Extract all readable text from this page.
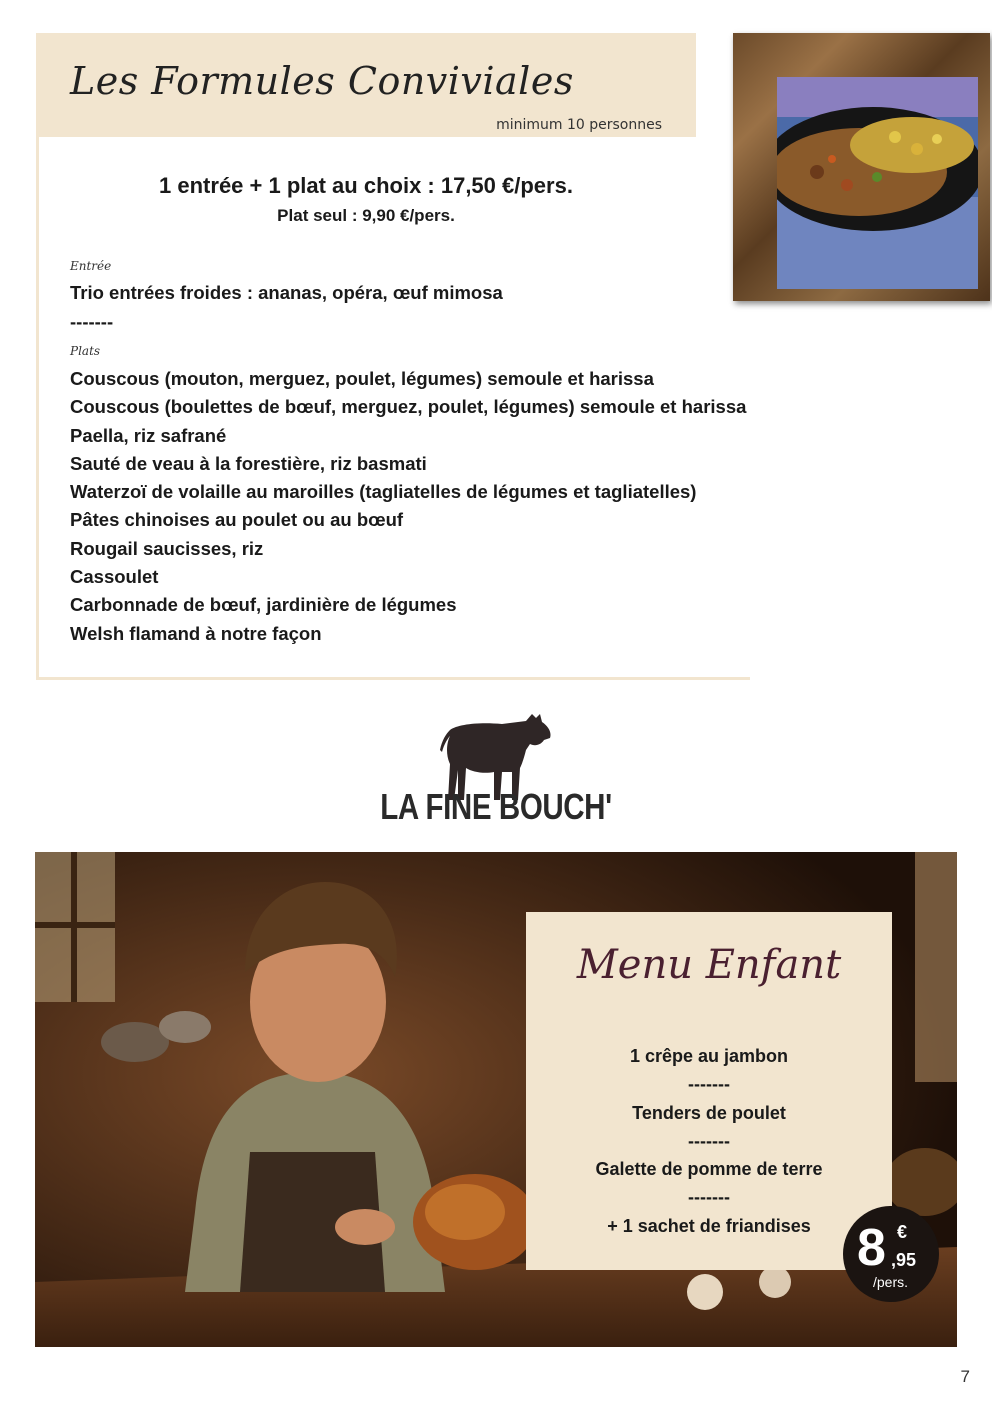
Les Formules Conviviales
minimum 10 personnes
1 entrée + 1 plat au choix : 17,50 €/pers.
Plat seul : 9,90 €/pers.
Entrée
Trio entrées froides : ananas, opéra, œuf mimosa
-------
Plats
Couscous (mouton, merguez, poulet, légumes) semoule et harissa
Couscous (boulettes de bœuf, merguez, poulet, légumes) semoule et harissa
Paella, riz safrané
Sauté de veau à la forestière, riz basmati
Waterzoï de volaille au maroilles (tagliatelles de légumes et tagliatelles)
Pâtes chinoises au poulet ou au bœuf
Rougail saucisses, riz
Cassoulet
Carbonnade de bœuf, jardinière de légumes
Welsh flamand à notre façon
LA FINE BOUCH'
Menu Enfant
1 crêpe au jambon
-------
Tenders de poulet
-------
Galette de pomme de terre
-------
+ 1 sachet de friandises 8 €
,95
/pers.
7
